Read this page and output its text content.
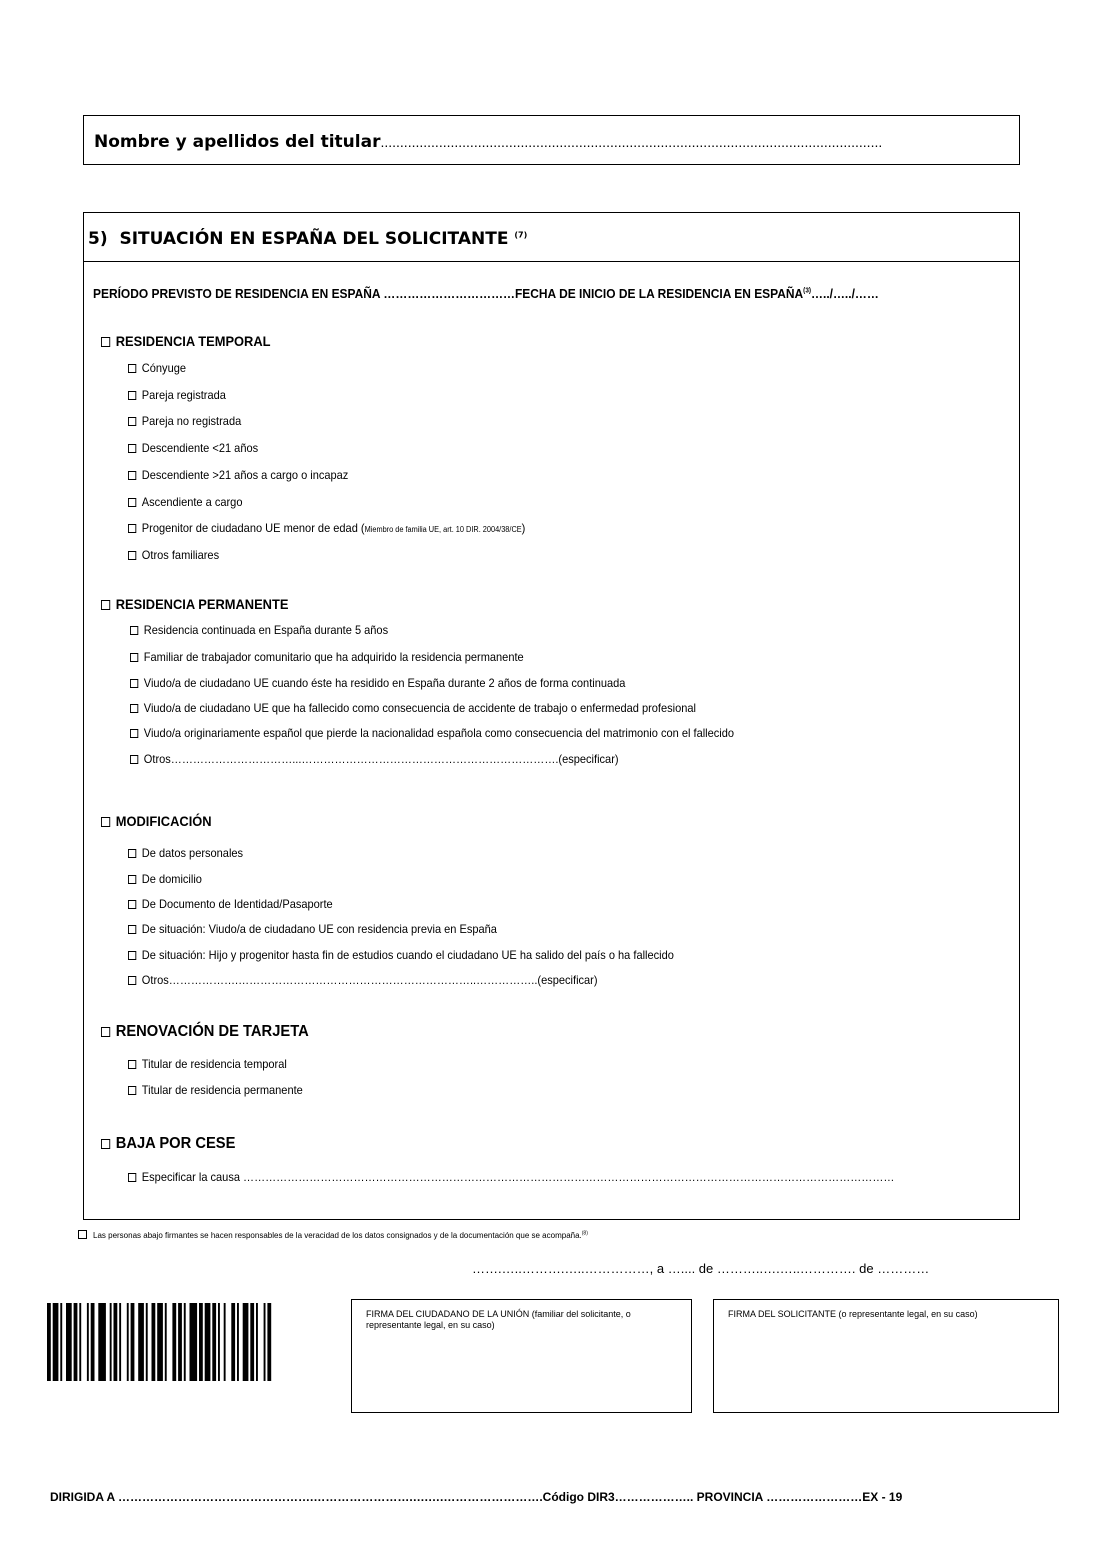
Nombre y apellidos del titular.................................................................................................................................
5) SITUACIÓN EN ESPAÑA DEL SOLICITANTE $^{(7)}$
PERÍODO PREVISTO DE RESIDENCIA EN ESPAÑA ……………………………FECHA DE INICIO DE LA RESIDENCIA EN ESPAÑA$^{(3)}$…../…../……
RESIDENCIA TEMPORAL
Cónyuge
Pareja registrada
Pareja no registrada
Descendiente <21 años
Descendiente >21 años a cargo o incapaz
Ascendiente a cargo
Progenitor de ciudadano UE menor de edad (Miembro de familia UE, art. 10 DIR. 2004/38/CE)
Otros familiares
RESIDENCIA PERMANENTE
Residencia continuada en España durante 5 años
Familiar de trabajador comunitario que ha adquirido la residencia permanente
Viudo/a de ciudadano UE cuando éste ha residido en España durante 2 años de forma continuada
Viudo/a de ciudadano UE que ha fallecido como consecuencia de accidente de trabajo o enfermedad profesional
Viudo/a originariamente español que pierde la nacionalidad española como consecuencia del matrimonio con el fallecido
Otros……………………………...…………………………………………………………….(especificar)
MODIFICACIÓN
De datos personales
De domicilio
De Documento de Identidad/Pasaporte
De situación: Viudo/a de ciudadano UE con residencia previa en España
De situación: Hijo y progenitor hasta fin de estudios cuando el ciudadano UE ha salido del país o ha fallecido
Otros……………….………………………………………………………..……………..(especificar)
RENOVACIÓN DE TARJETA
Titular de residencia temporal
Titular de residencia permanente
BAJA POR CESE
Especificar la causa ……………………………………………………………………………………………………………………………………………………………
Las personas abajo firmantes se hacen responsables de la veracidad de los datos consignados y de la documentación que se acompaña.$^{(8)}$
…….…..……….…..……………, a ….... de ………..….…..…………. de …………
FIRMA DEL CIUDADANO DE LA UNIÓN (familiar del solicitante, o representante legal, en su caso)
FIRMA DEL SOLICITANTE (o representante legal, en su caso)
DIRIGIDA A ………………………………………….…………………….….….…………………….Código DIR3……………….. PROVINCIA ……………………EX - 19
